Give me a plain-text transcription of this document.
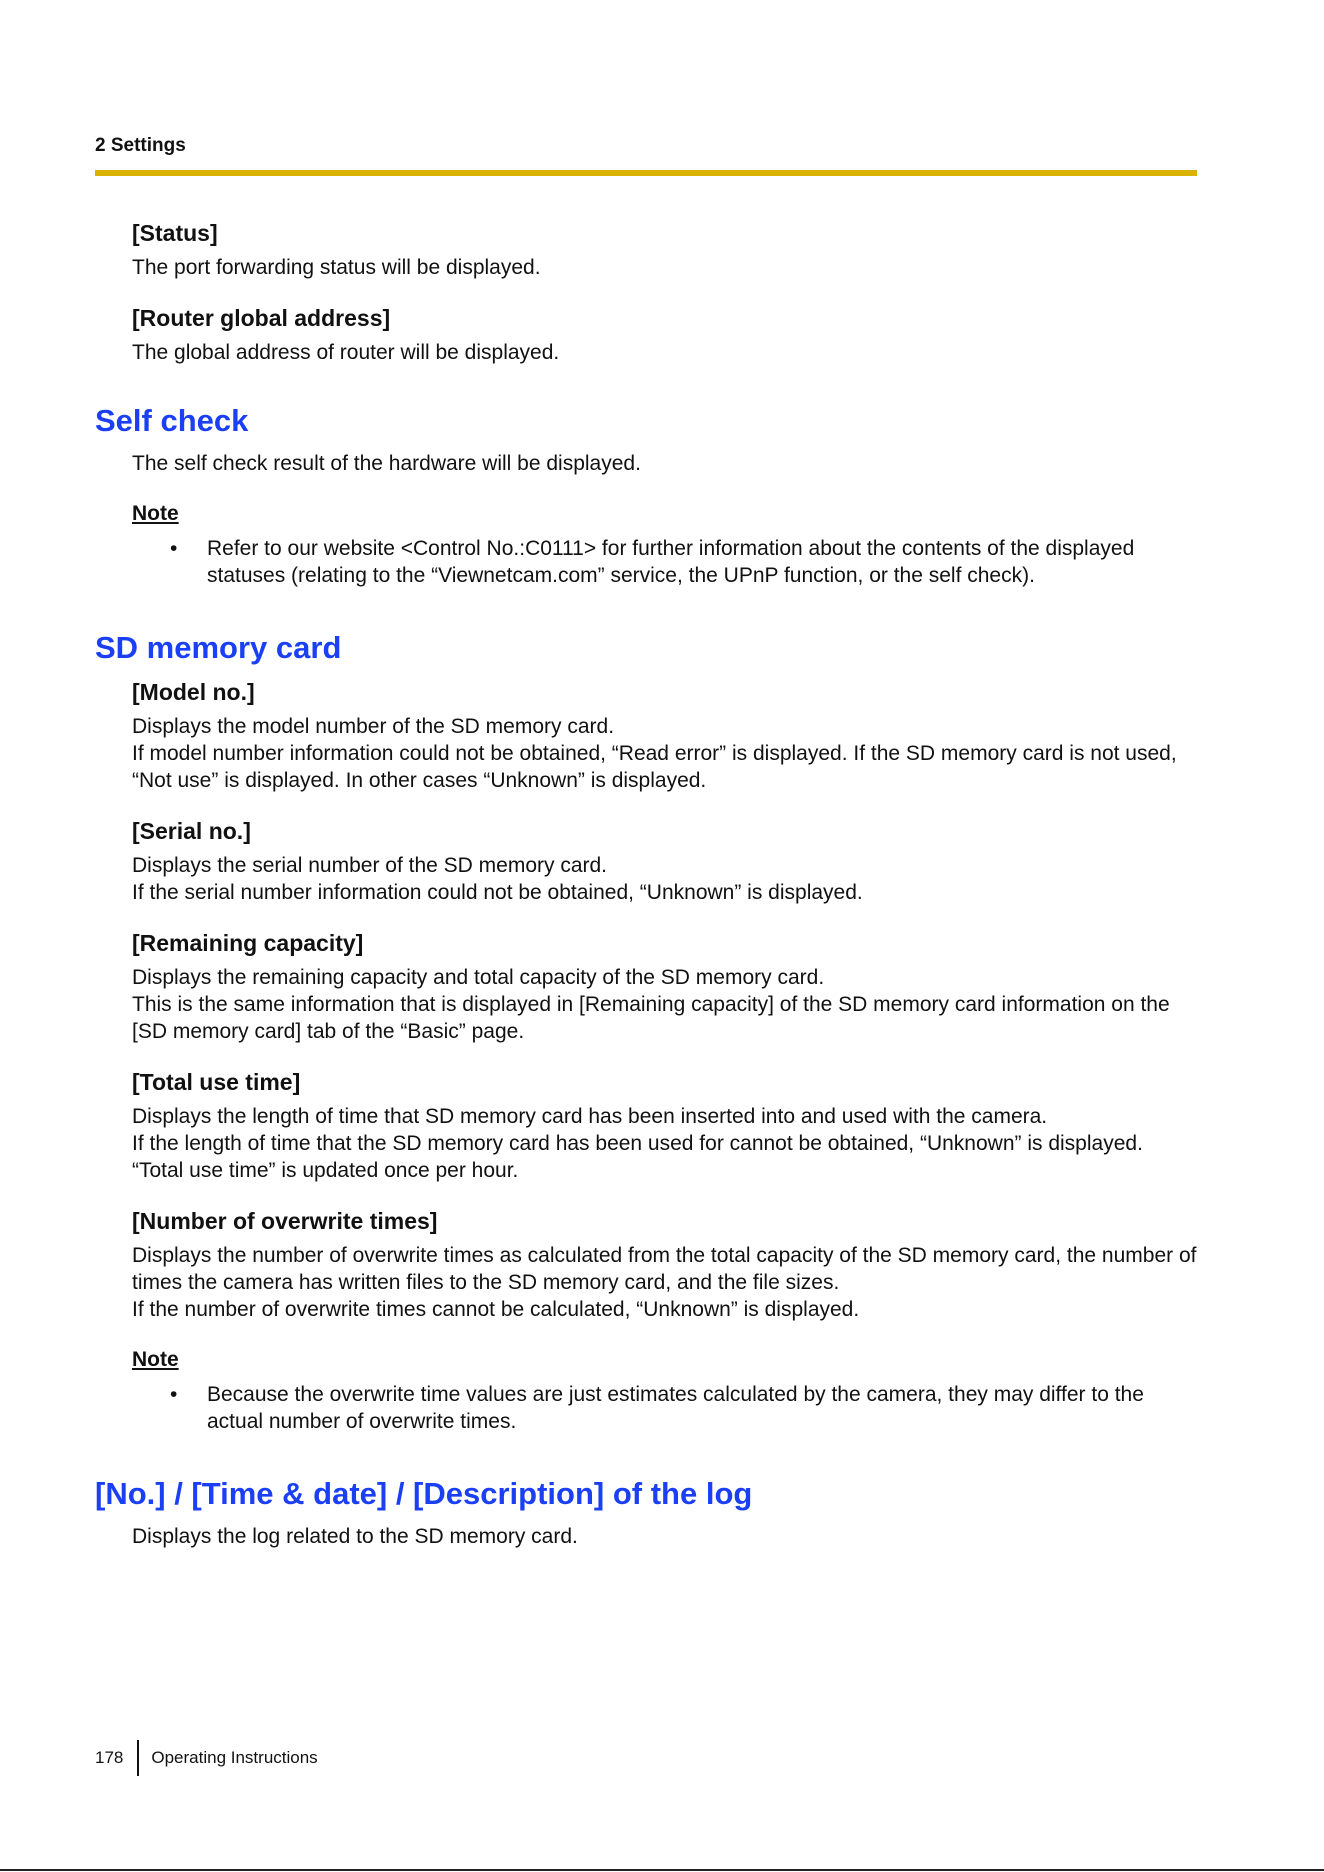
2 Settings

[Status]

The port forwarding status will be displayed.

[Router global address]

The global address of router will be displayed.

Self check

The self check result of the hardware will be displayed.

Note
• Refer to our website <Control No.:C0111> for further information about the contents of the displayed statuses (relating to the “Viewnetcam.com” service, the UPnP function, or the self check).
SD memory card
[Model no.]

Displays the model number of the SD memory card.
If model number information could not be obtained, “Read error” is displayed. If the SD memory card is not used, “Not use” is displayed. In other cases “Unknown” is displayed.

[Serial no.]

Displays the serial number of the SD memory card.
If the serial number information could not be obtained, “Unknown” is displayed.

[Remaining capacity]

Displays the remaining capacity and total capacity of the SD memory card.
This is the same information that is displayed in [Remaining capacity] of the SD memory card information on the [SD memory card] tab of the “Basic” page.

[Total use time]

Displays the length of time that SD memory card has been inserted into and used with the camera.
If the length of time that the SD memory card has been used for cannot be obtained, “Unknown” is displayed.
“Total use time” is updated once per hour.

[Number of overwrite times]

Displays the number of overwrite times as calculated from the total capacity of the SD memory card, the number of times the camera has written files to the SD memory card, and the file sizes.
If the number of overwrite times cannot be calculated, “Unknown” is displayed.

Note
• Because the overwrite time values are just estimates calculated by the camera, they may differ to the actual number of overwrite times.
[No.] / [Time & date] / [Description] of the log

Displays the log related to the SD memory card.

178 Operating Instructions
